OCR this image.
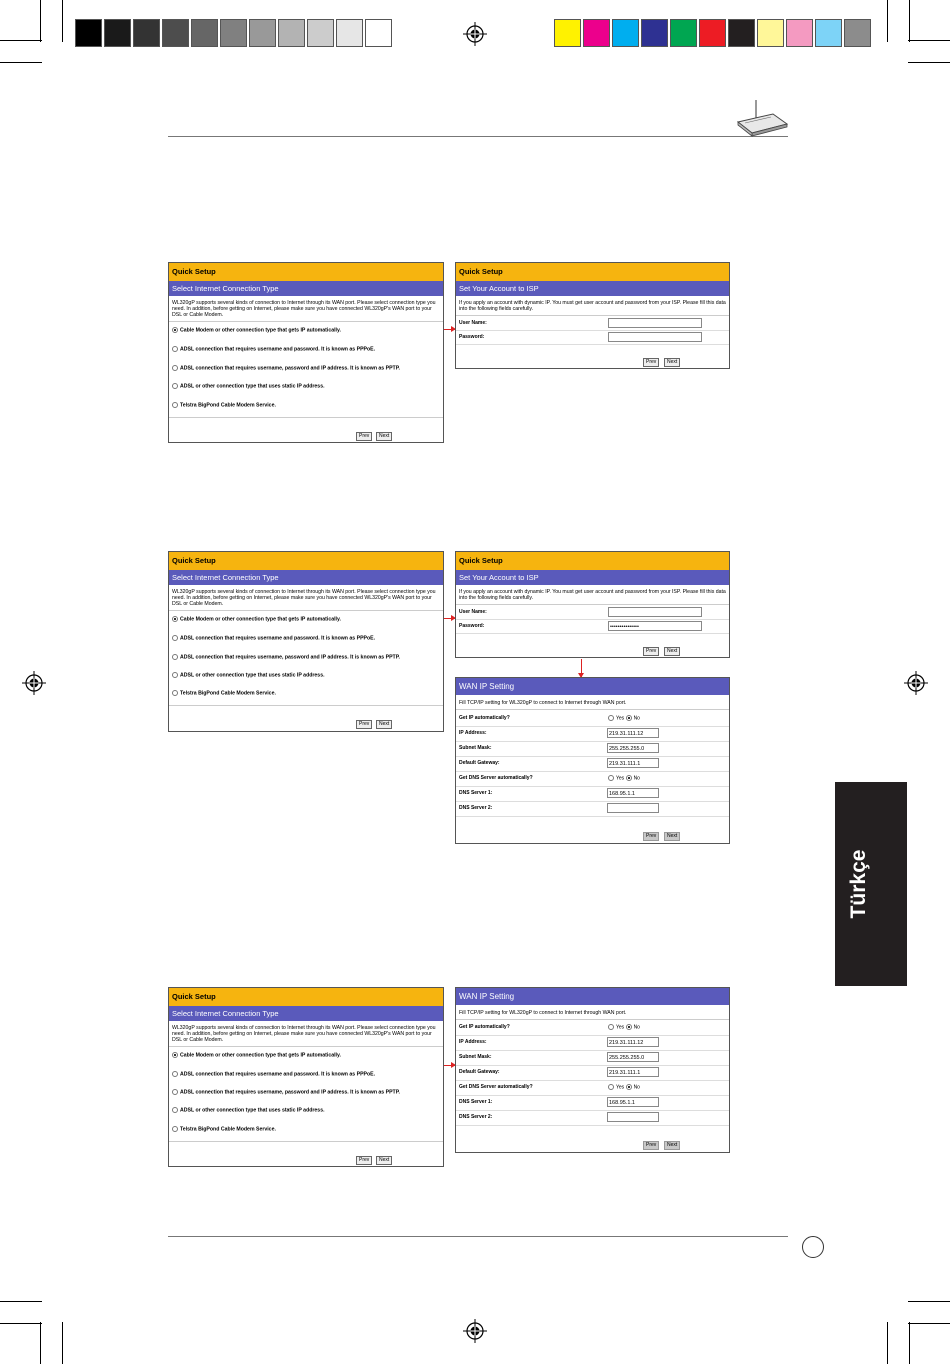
Türkçe
Quick Setup
Select Internet Connection Type
WL320gP supports several kinds of connection to Internet through its WAN port. Please select connection type you need. In addition, before getting on Internet, please make sure you have connected WL320gP's WAN port to your DSL or Cable Modem.
Cable Modem or other connection type that gets IP automatically.
ADSL connection that requires username and password. It is known as PPPoE.
ADSL connection that requires username, password and IP address. It is known as PPTP.
ADSL or other connection type that uses static IP address.
Telstra BigPond Cable Modem Service.
Prev	Next
Quick Setup
Set Your Account to ISP
If you apply an account with dynamic IP. You must get user account and password from your ISP. Please fill this data into the following fields carefully.
User Name:
Password:
Prev	Next
Quick Setup
Select Internet Connection Type
WL320gP supports several kinds of connection to Internet through its WAN port. Please select connection type you need. In addition, before getting on Internet, please make sure you have connected WL320gP's WAN port to your DSL or Cable Modem.
Cable Modem or other connection type that gets IP automatically.
ADSL connection that requires username and password. It is known as PPPoE.
ADSL connection that requires username, password and IP address. It is known as PPTP.
ADSL or other connection type that uses static IP address.
Telstra BigPond Cable Modem Service.
Prev	Next
Quick Setup
Set Your Account to ISP
If you apply an account with dynamic IP. You must get user account and password from your ISP. Please fill this data into the following fields carefully.
User Name:
Password:	•••••••••••••••
Prev	Next
WAN IP Setting
Fill TCP/IP setting for WL320gP to connect to Internet through WAN port.
Get IP automatically?	Yes No
IP Address:	219.31.111.12
Subnet Mask:	255.255.255.0
Default Gateway:	219.31.111.1
Get DNS Server automatically?	Yes No
DNS Server 1:	168.95.1.1
DNS Server 2:
Prev	Next
Quick Setup
Select Internet Connection Type
WL320gP supports several kinds of connection to Internet through its WAN port. Please select connection type you need. In addition, before getting on Internet, please make sure you have connected WL320gP's WAN port to your DSL or Cable Modem.
Cable Modem or other connection type that gets IP automatically.
ADSL connection that requires username and password. It is known as PPPoE.
ADSL connection that requires username, password and IP address. It is known as PPTP.
ADSL or other connection type that uses static IP address.
Telstra BigPond Cable Modem Service.
Prev	Next
WAN IP Setting
Fill TCP/IP setting for WL320gP to connect to Internet through WAN port.
Get IP automatically?	Yes No
IP Address:	219.31.111.12
Subnet Mask:	255.255.255.0
Default Gateway:	219.31.111.1
Get DNS Server automatically?	Yes No
DNS Server 1:	168.95.1.1
DNS Server 2:
Prev	Next
